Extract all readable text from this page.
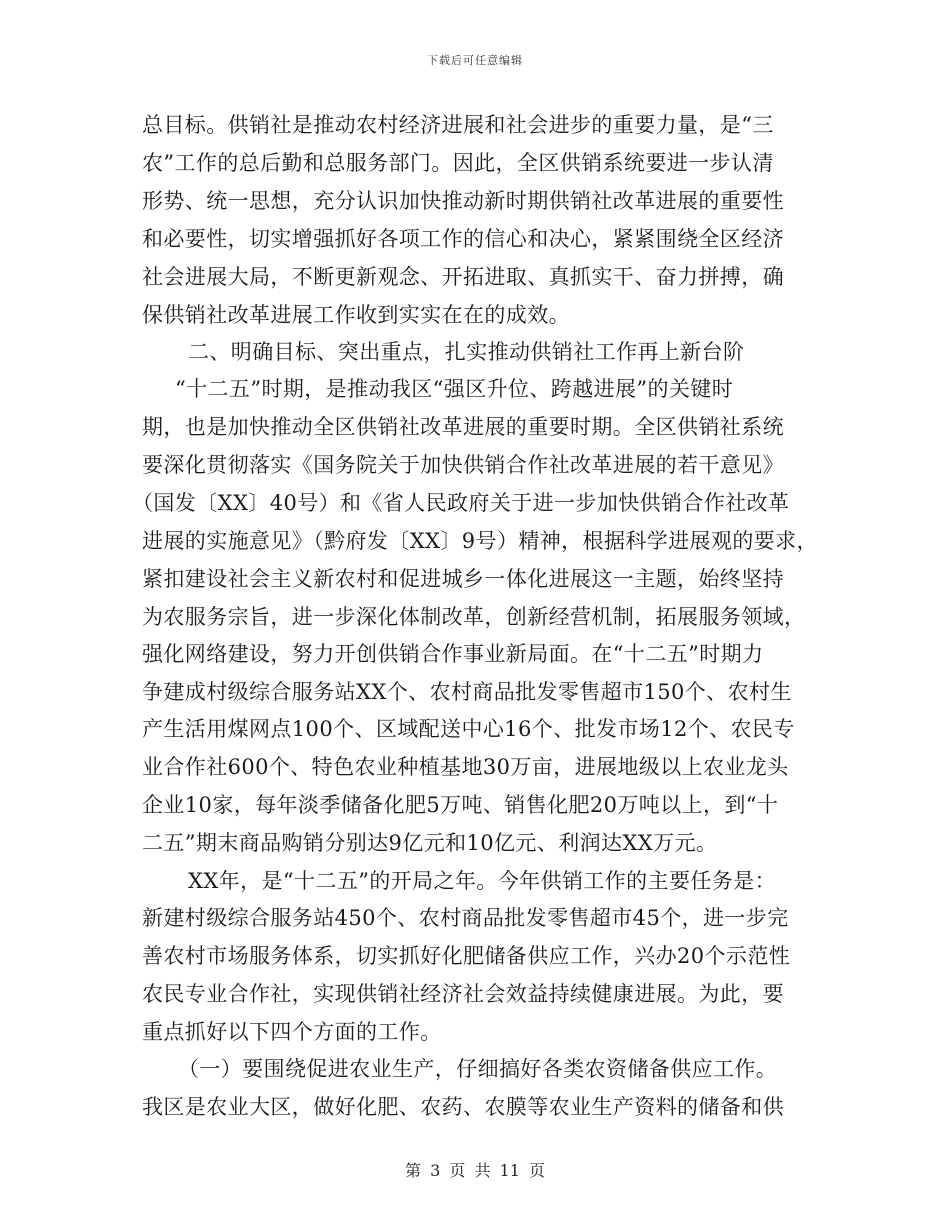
下载后可任意编辑
总目标。供销社是推动农村经济进展和社会进步的重要力量，是“三
农”工作的总后勤和总服务部门。因此，全区供销系统要进一步认清
形势、统一思想，充分认识加快推动新时期供销社改革进展的重要性
和必要性，切实增强抓好各项工作的信心和决心，紧紧围绕全区经济
社会进展大局，不断更新观念、开拓进取、真抓实干、奋力拼搏，确
保供销社改革进展工作收到实实在在的成效。
二、明确目标、突出重点，扎实推动供销社工作再上新台阶
“十二五”时期，是推动我区“强区升位、跨越进展”的关键时
期，也是加快推动全区供销社改革进展的重要时期。全区供销社系统
要深化贯彻落实《国务院关于加快供销合作社改革进展的若干意见》
（国发〔XX〕40号）和《省人民政府关于进一步加快供销合作社改革
进展的实施意见》（黔府发〔XX〕9号）精神，根据科学进展观的要求，
紧扣建设社会主义新农村和促进城乡一体化进展这一主题，始终坚持
为农服务宗旨，进一步深化体制改革，创新经营机制，拓展服务领域，
强化网络建设，努力开创供销合作事业新局面。在“十二五”时期力
争建成村级综合服务站XX个、农村商品批发零售超市150个、农村生
产生活用煤网点100个、区域配送中心16个、批发市场12个、农民专
业合作社600个、特色农业种植基地30万亩，进展地级以上农业龙头
企业10家，每年淡季储备化肥5万吨、销售化肥20万吨以上，到“十
二五”期末商品购销分别达9亿元和10亿元、利润达XX万元。
XX年，是“十二五”的开局之年。今年供销工作的主要任务是：
新建村级综合服务站450个、农村商品批发零售超市45个，进一步完
善农村市场服务体系，切实抓好化肥储备供应工作，兴办20个示范性
农民专业合作社，实现供销社经济社会效益持续健康进展。为此，要
重点抓好以下四个方面的工作。
（一）要围绕促进农业生产，仔细搞好各类农资储备供应工作。
我区是农业大区，做好化肥、农药、农膜等农业生产资料的储备和供
第 3 页 共 11 页
